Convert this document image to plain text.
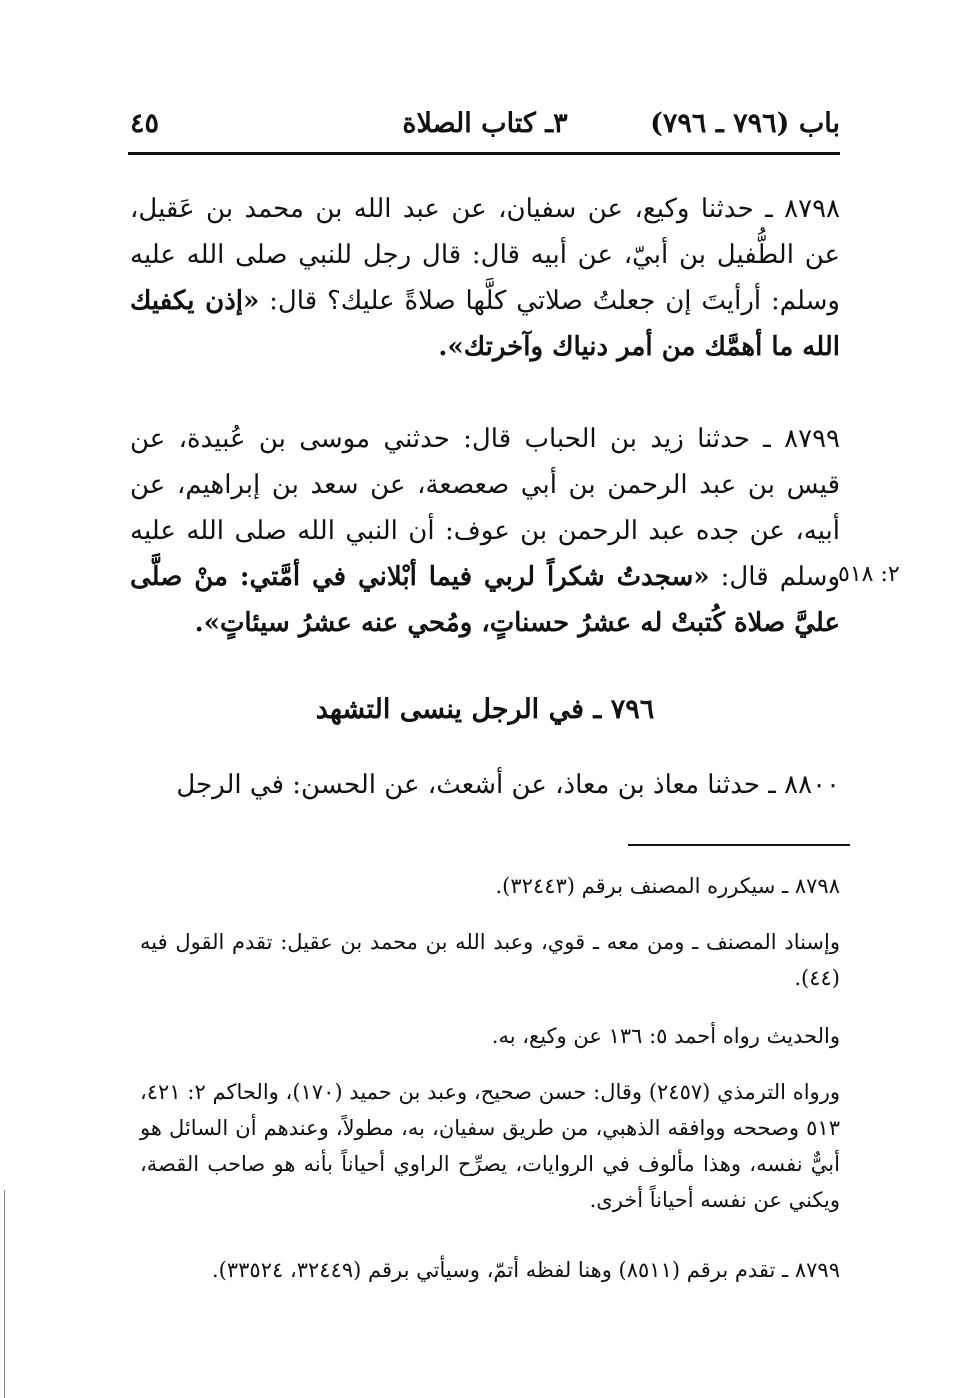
باب (٧٩٦ ـ ٧٩٦)
٣ـ كتاب الصلاة
٤٥

٨٧٩٨ ـ حدثنا وكيع، عن سفيان، عن عبد الله بن محمد بن عَقيل، عن الطُّفيل بن أبيّ، عن أبيه قال: قال رجل للنبي صلى الله عليه وسلم: أرأيتَ إن جعلتُ صلاتي كلَّها صلاةً عليك؟ قال: «إذن يكفيك الله ما أهمَّك من أمر دنياك وآخرتك».

٨٧٩٩ ـ حدثنا زيد بن الحباب قال: حدثني موسى بن عُبيدة، عن قيس بن عبد الرحمن بن أبي صعصعة، عن سعد بن إبراهيم، عن أبيه، عن جده عبد الرحمن بن عوف: أن النبي الله صلى الله عليه وسلم قال: «سجدتُ شكراً لربي فيما أبْلاني في أمَّتي: منْ صلَّى عليَّ صلاة كُتبتْ له عشرُ حسناتٍ، ومُحي عنه عشرُ سيئاتٍ».

٢: ٥١٨
٧٩٦ ـ في الرجل ينسى التشهد

٨٨٠٠ ـ حدثنا معاذ بن معاذ، عن أشعث، عن الحسن: في الرجل

٨٧٩٨ ـ سيكرره المصنف برقم (٣٢٤٤٣).

وإسناد المصنف ـ ومن معه ـ قوي، وعبد الله بن محمد بن عقيل: تقدم القول فيه (٤٤).

والحديث رواه أحمد ٥: ١٣٦ عن وكيع، به.

ورواه الترمذي (٢٤٥٧) وقال: حسن صحيح، وعبد بن حميد (١٧٠)، والحاكم ٢: ٤٢١، ٥١٣ وصححه ووافقه الذهبي، من طريق سفيان، به، مطولاً، وعندهم أن السائل هو أبيٌّ نفسه، وهذا مألوف في الروايات، يصرِّح الراوي أحياناً بأنه هو صاحب القصة، ويكني عن نفسه أحياناً أخرى.

٨٧٩٩ ـ تقدم برقم (٨٥١١) وهنا لفظه أتمّ، وسيأتي برقم (٣٢٤٤٩، ٣٣٥٢٤).
